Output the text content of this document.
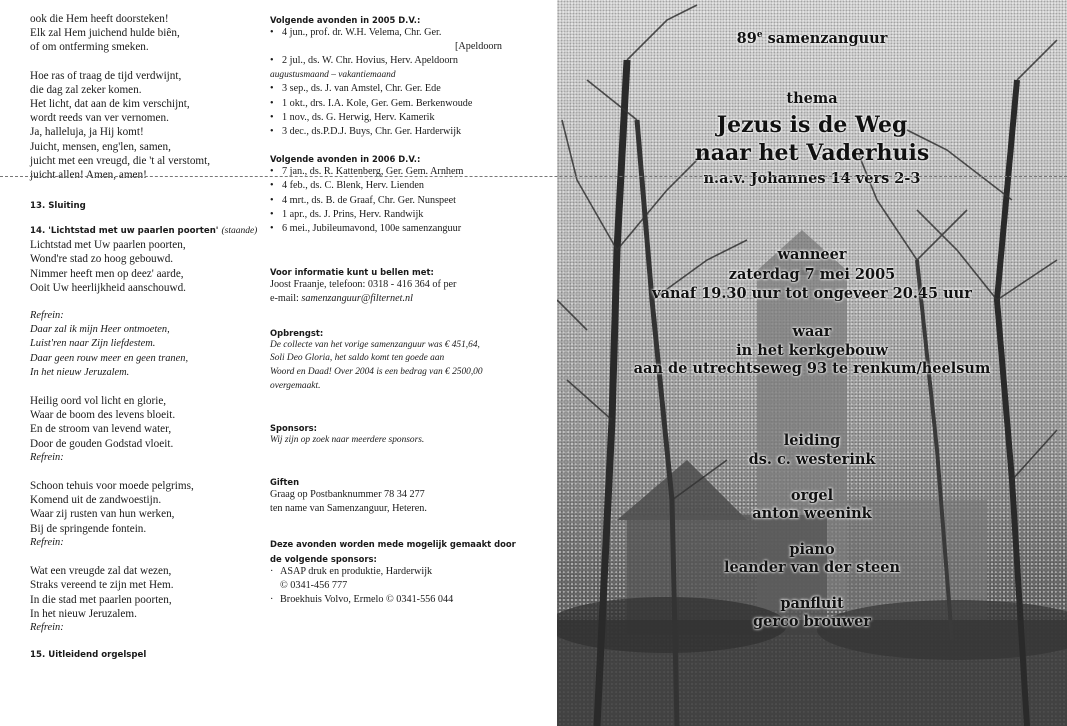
ook die Hem heeft doorsteken!
Elk zal Hem juichend hulde biên,
of om ontferming smeken.
Hoe ras of traag de tijd verdwijnt,
die dag zal zeker komen.
Het licht, dat aan de kim verschijnt,
wordt reeds van ver vernomen.
Ja, halleluja, ja Hij komt!
Juicht, mensen, eng'len, samen,
juicht met een vreugd, die 't al verstomt,
juicht allen! Amen, amen!
13. Sluiting
14. 'Lichtstad met uw paarlen poorten' (staande)
Lichtstad met Uw paarlen poorten,
Wond're stad zo hoog gebouwd.
Nimmer heeft men op deez' aarde,
Ooit Uw heerlijkheid aanschouwd.
Refrein:
Daar zal ik mijn Heer ontmoeten,
Luist'ren naar Zijn liefdestem.
Daar geen rouw meer en geen tranen,
In het nieuw Jeruzalem.
Heilig oord vol licht en glorie,
Waar de boom des levens bloeit.
En de stroom van levend water,
Door de gouden Godstad vloeit.
Refrein:
Schoon tehuis voor moede pelgrims,
Komend uit de zandwoestijn.
Waar zij rusten van hun werken,
Bij de springende fontein.
Refrein:
Wat een vreugde zal dat wezen,
Straks vereend te zijn met Hem.
In die stad met paarlen poorten,
In het nieuw Jeruzalem.
Refrein:
15. Uitleidend orgelspel
Volgende avonden in 2005 D.V.:
• 4 jun., prof. dr. W.H. Velema, Chr. Ger.
[Apeldoorn
• 2 jul., ds. W. Chr. Hovius, Herv. Apeldoorn
augustusmaand – vakantiemaand
• 3 sep., ds. J. van Amstel, Chr. Ger. Ede
• 1 okt., drs. I.A. Kole, Ger. Gem. Berkenwoude
• 1 nov., ds. G. Herwig, Herv. Kamerik
• 3 dec., ds.P.D.J. Buys, Chr. Ger. Harderwijk
Volgende avonden in 2006 D.V.:
• 7 jan., ds. R. Kattenberg, Ger. Gem. Arnhem
• 4 feb., ds. C. Blenk, Herv. Lienden
• 4 mrt., ds. B. de Graaf, Chr. Ger. Nunspeet
• 1 apr., ds. J. Prins, Herv. Randwijk
• 6 mei., Jubileumavond, 100e samenzanguur
Voor informatie kunt u bellen met:
Joost Fraanje, telefoon: 0318 - 416 364 of per
e-mail: samenzanguur@filternet.nl
Opbrengst:
De collecte van het vorige samenzanguur was € 451,64,
Soli Deo Gloria, het saldo komt ten goede aan
Woord en Daad! Over 2004 is een bedrag van € 2500,00
overgemaakt.
Sponsors:
Wij zijn op zoek naar meerdere sponsors.
Giften
Graag op Postbanknummer 78 34 277
ten name van Samenzanguur, Heteren.
Deze avonden worden mede mogelijk gemaakt door
de volgende sponsors:
· ASAP druk en produktie, Harderwijk
© 0341-456 777
· Broekhuis Volvo, Ermelo © 0341-556 044
89e samenzanguur
thema
Jezus is de Weg
naar het Vaderhuis
n.a.v. Johannes 14 vers 2-3
wanneer
zaterdag 7 mei 2005
vanaf 19.30 uur tot ongeveer 20.45 uur
waar
in het kerkgebouw
aan de utrechtseweg 93 te renkum/heelsum
leiding
ds. c. westerink
orgel
anton weenink
piano
leander van der steen
panfluit
gerco brouwer
